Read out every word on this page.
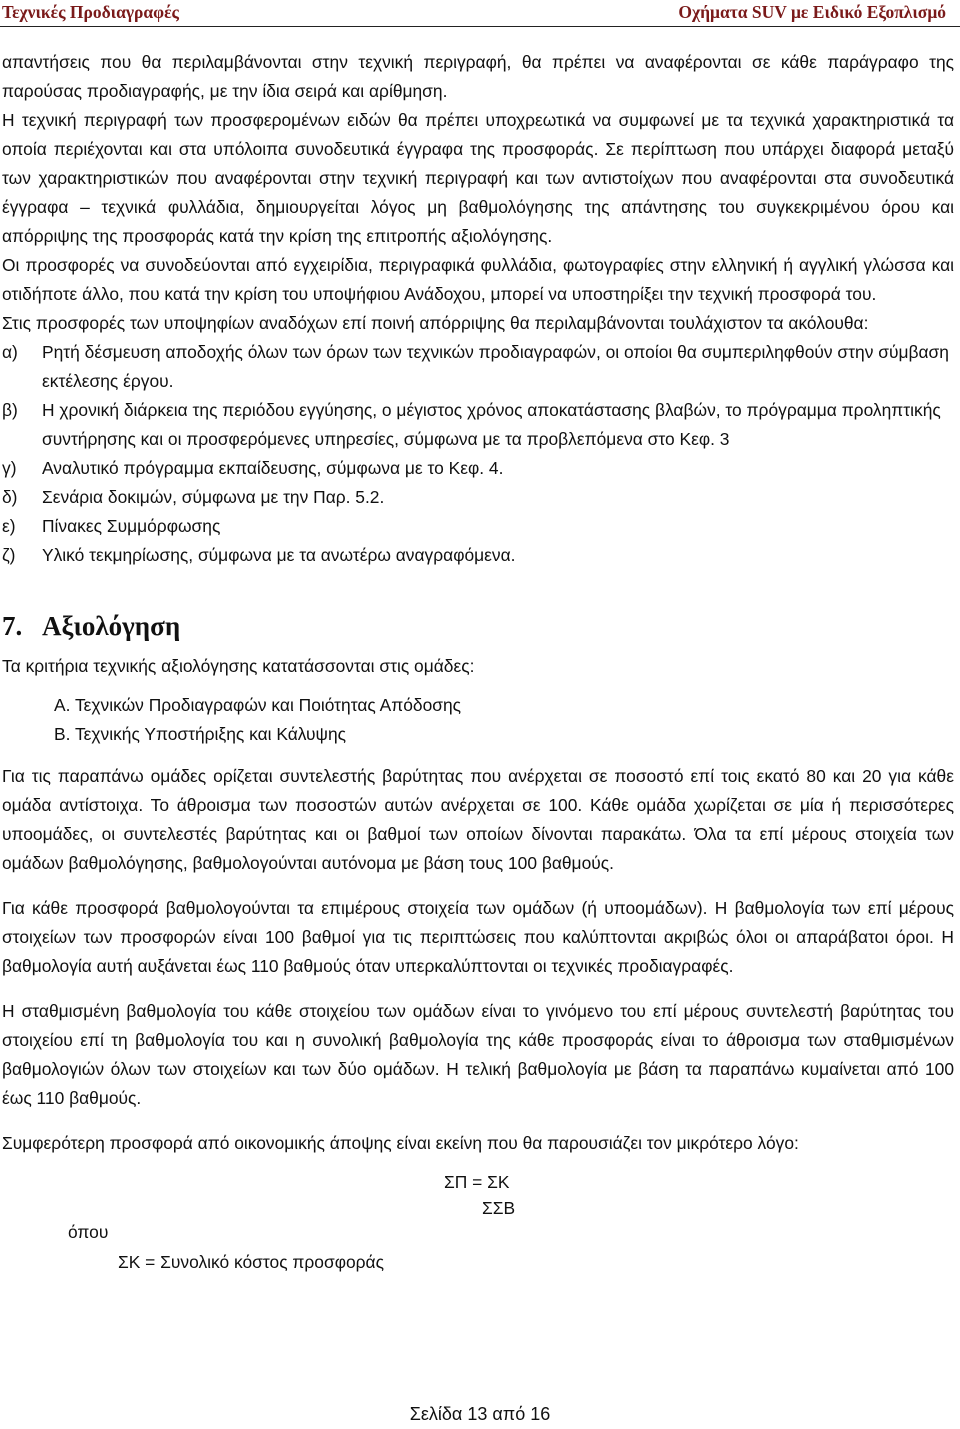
Τεχνικές Προδιαγραφές	Οχήματα SUV με Ειδικό Εξοπλισμό

απαντήσεις που θα περιλαμβάνονται στην τεχνική περιγραφή, θα πρέπει να αναφέρονται σε κάθε παράγραφο της παρούσας προδιαγραφής, με την ίδια σειρά και αρίθμηση.

Η τεχνική περιγραφή των προσφερομένων ειδών θα πρέπει υποχρεωτικά να συμφωνεί με τα τεχνικά χαρακτηριστικά τα οποία περιέχονται και στα υπόλοιπα συνοδευτικά έγγραφα της προσφοράς. Σε περίπτωση που υπάρχει διαφορά μεταξύ των χαρακτηριστικών που αναφέρονται στην τεχνική περιγραφή και των αντιστοίχων που αναφέρονται στα συνοδευτικά έγγραφα – τεχνικά φυλλάδια, δημιουργείται λόγος μη βαθμολόγησης της απάντησης του συγκεκριμένου όρου και απόρριψης της προσφοράς κατά την κρίση της επιτροπής αξιολόγησης.

Οι προσφορές να συνοδεύονται από εγχειρίδια, περιγραφικά φυλλάδια, φωτογραφίες στην ελληνική ή αγγλική γλώσσα και οτιδήποτε άλλο, που κατά την κρίση του υποψήφιου Ανάδοχου, μπορεί να υποστηρίξει την τεχνική προσφορά του.

Στις προσφορές των υποψηφίων αναδόχων επί ποινή απόρριψης θα περιλαμβάνονται τουλάχιστον τα ακόλουθα:

α) Ρητή δέσμευση αποδοχής όλων των όρων των τεχνικών προδιαγραφών, οι οποίοι θα συμπεριληφθούν στην σύμβαση εκτέλεσης έργου.
β) Η χρονική διάρκεια της περιόδου εγγύησης, ο μέγιστος χρόνος αποκατάστασης βλαβών, το πρόγραμμα προληπτικής συντήρησης και οι προσφερόμενες υπηρεσίες, σύμφωνα με τα προβλεπόμενα στο Κεφ. 3
γ) Αναλυτικό πρόγραμμα εκπαίδευσης, σύμφωνα με το Κεφ. 4.
δ) Σενάρια δοκιμών, σύμφωνα με την Παρ. 5.2.
ε) Πίνακες Συμμόρφωσης
ζ) Υλικό τεκμηρίωσης, σύμφωνα με τα ανωτέρω αναγραφόμενα.
7. Αξιολόγηση

Τα κριτήρια τεχνικής αξιολόγησης κατατάσσονται στις ομάδες:

Α. Τεχνικών Προδιαγραφών και Ποιότητας Απόδοσης
Β. Τεχνικής Υποστήριξης και Κάλυψης

Για τις παραπάνω ομάδες ορίζεται συντελεστής βαρύτητας που ανέρχεται σε ποσοστό επί τοις εκατό 80 και 20 για κάθε ομάδα αντίστοιχα. Το άθροισμα των ποσοστών αυτών ανέρχεται σε 100. Κάθε ομάδα χωρίζεται σε μία ή περισσότερες υποομάδες, οι συντελεστές βαρύτητας και οι βαθμοί των οποίων δίνονται παρακάτω. Όλα τα επί μέρους στοιχεία των ομάδων βαθμολόγησης, βαθμολογούνται αυτόνομα με βάση τους 100 βαθμούς.

Για κάθε προσφορά βαθμολογούνται τα επιμέρους στοιχεία των ομάδων (ή υποομάδων). Η βαθμολογία των επί μέρους στοιχείων των προσφορών είναι 100 βαθμοί για τις περιπτώσεις που καλύπτονται ακριβώς όλοι οι απαράβατοι όροι. Η βαθμολογία αυτή αυξάνεται έως 110 βαθμούς όταν υπερκαλύπτονται οι τεχνικές προδιαγραφές.

Η σταθμισμένη βαθμολογία του κάθε στοιχείου των ομάδων είναι το γινόμενο του επί μέρους συντελεστή βαρύτητας του στοιχείου επί τη βαθμολογία του και η συνολική βαθμολογία της κάθε προσφοράς είναι το άθροισμα των σταθμισμένων βαθμολογιών όλων των στοιχείων και των δύο ομάδων. Η τελική βαθμολογία με βάση τα παραπάνω κυμαίνεται από 100 έως 110 βαθμούς.

Συμφερότερη προσφορά από οικονομικής άποψης είναι εκείνη που θα παρουσιάζει τον μικρότερο λόγο:

ΣΠ = ΣΚ
ΣΣΒ
όπου
ΣΚ = Συνολικό κόστος προσφοράς
Σελίδα 13 από 16
